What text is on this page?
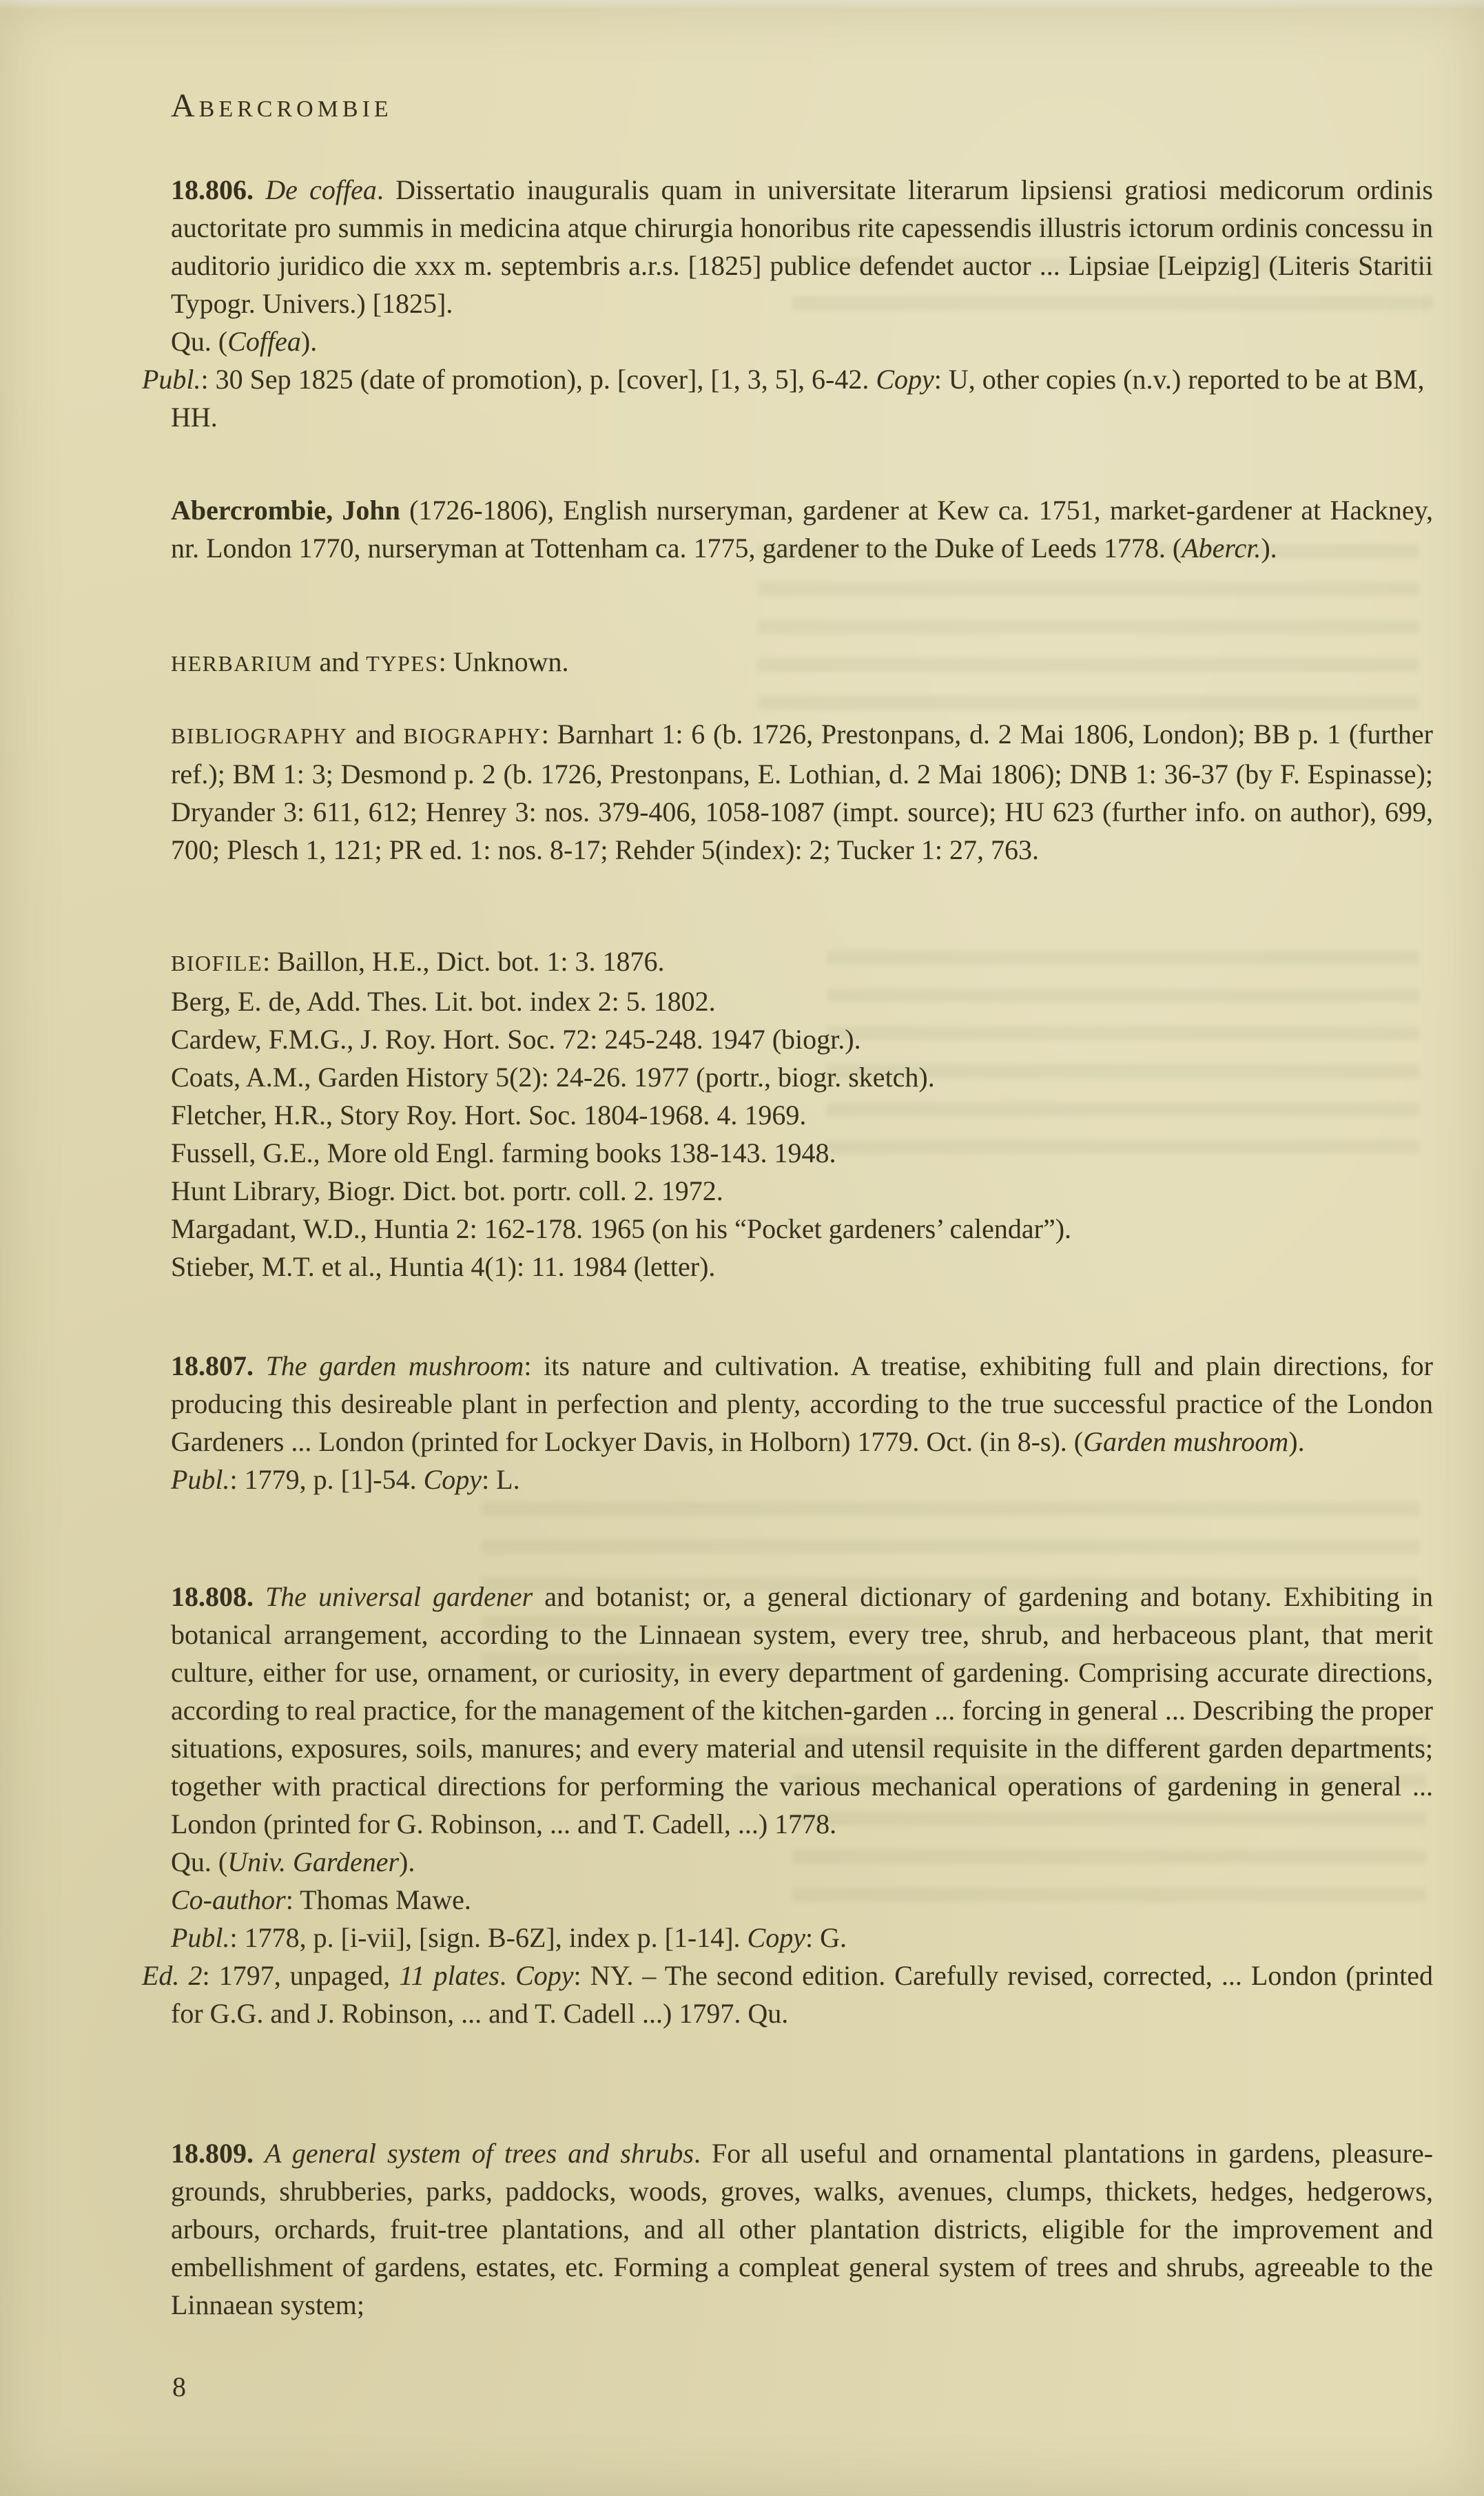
Abercrombie

18.806. De coffea. Dissertatio inauguralis quam in universitate literarum lipsiensi gratiosi medicorum ordinis auctoritate pro summis in medicina atque chirurgia honoribus rite capessendis illustris ictorum ordinis concessu in auditorio juridico die xxx m. septembris a.r.s. [1825] publice defendet auctor ... Lipsiae [Leipzig] (Literis Staritii Typogr. Univers.) [1825].

Qu. (Coffea).

Publ.: 30 Sep 1825 (date of promotion), p. [cover], [1, 3, 5], 6-42. Copy: U, other copies (n.v.) reported to be at BM, HH.

Abercrombie, John (1726-1806), English nurseryman, gardener at Kew ca. 1751, market-gardener at Hackney, nr. London 1770, nurseryman at Tottenham ca. 1775, gardener to the Duke of Leeds 1778. (Abercr.).

HERBARIUM and TYPES: Unknown.

BIBLIOGRAPHY and BIOGRAPHY: Barnhart 1: 6 (b. 1726, Prestonpans, d. 2 Mai 1806, London); BB p. 1 (further ref.); BM 1: 3; Desmond p. 2 (b. 1726, Prestonpans, E. Lothian, d. 2 Mai 1806); DNB 1: 36-37 (by F. Espinasse); Dryander 3: 611, 612; Henrey 3: nos. 379-406, 1058-1087 (impt. source); HU 623 (further info. on author), 699, 700; Plesch 1, 121; PR ed. 1: nos. 8-17; Rehder 5(index): 2; Tucker 1: 27, 763.

BIOFILE: Baillon, H.E., Dict. bot. 1: 3. 1876.

Berg, E. de, Add. Thes. Lit. bot. index 2: 5. 1802.

Cardew, F.M.G., J. Roy. Hort. Soc. 72: 245-248. 1947 (biogr.).

Coats, A.M., Garden History 5(2): 24-26. 1977 (portr., biogr. sketch).

Fletcher, H.R., Story Roy. Hort. Soc. 1804-1968. 4. 1969.

Fussell, G.E., More old Engl. farming books 138-143. 1948.

Hunt Library, Biogr. Dict. bot. portr. coll. 2. 1972.

Margadant, W.D., Huntia 2: 162-178. 1965 (on his “Pocket gardeners’ calendar”).

Stieber, M.T. et al., Huntia 4(1): 11. 1984 (letter).

18.807. The garden mushroom: its nature and cultivation. A treatise, exhibiting full and plain directions, for producing this desireable plant in perfection and plenty, according to the true successful practice of the London Gardeners ... London (printed for Lockyer Davis, in Holborn) 1779. Oct. (in 8-s). (Garden mushroom).

Publ.: 1779, p. [1]-54. Copy: L.

18.808. The universal gardener and botanist; or, a general dictionary of gardening and botany. Exhibiting in botanical arrangement, according to the Linnaean system, every tree, shrub, and herbaceous plant, that merit culture, either for use, ornament, or curiosity, in every department of gardening. Comprising accurate directions, according to real practice, for the management of the kitchen-garden ... forcing in general ... Describing the proper situations, exposures, soils, manures; and every material and utensil requisite in the different garden departments; together with practical directions for performing the various mechanical operations of gardening in general ... London (printed for G. Robinson, ... and T. Cadell, ...) 1778.

Qu. (Univ. Gardener).

Co-author: Thomas Mawe.

Publ.: 1778, p. [i-vii], [sign. B-6Z], index p. [1-14]. Copy: G.

Ed. 2: 1797, unpaged, 11 plates. Copy: NY. – The second edition. Carefully revised, corrected, ... London (printed for G.G. and J. Robinson, ... and T. Cadell ...) 1797. Qu.

18.809. A general system of trees and shrubs. For all useful and ornamental plantations in gardens, pleasure-grounds, shrubberies, parks, paddocks, woods, groves, walks, avenues, clumps, thickets, hedges, hedgerows, arbours, orchards, fruit-tree plantations, and all other plantation districts, eligible for the improvement and embellishment of gardens, estates, etc. Forming a compleat general system of trees and shrubs, agreeable to the Linnaean system;

8
